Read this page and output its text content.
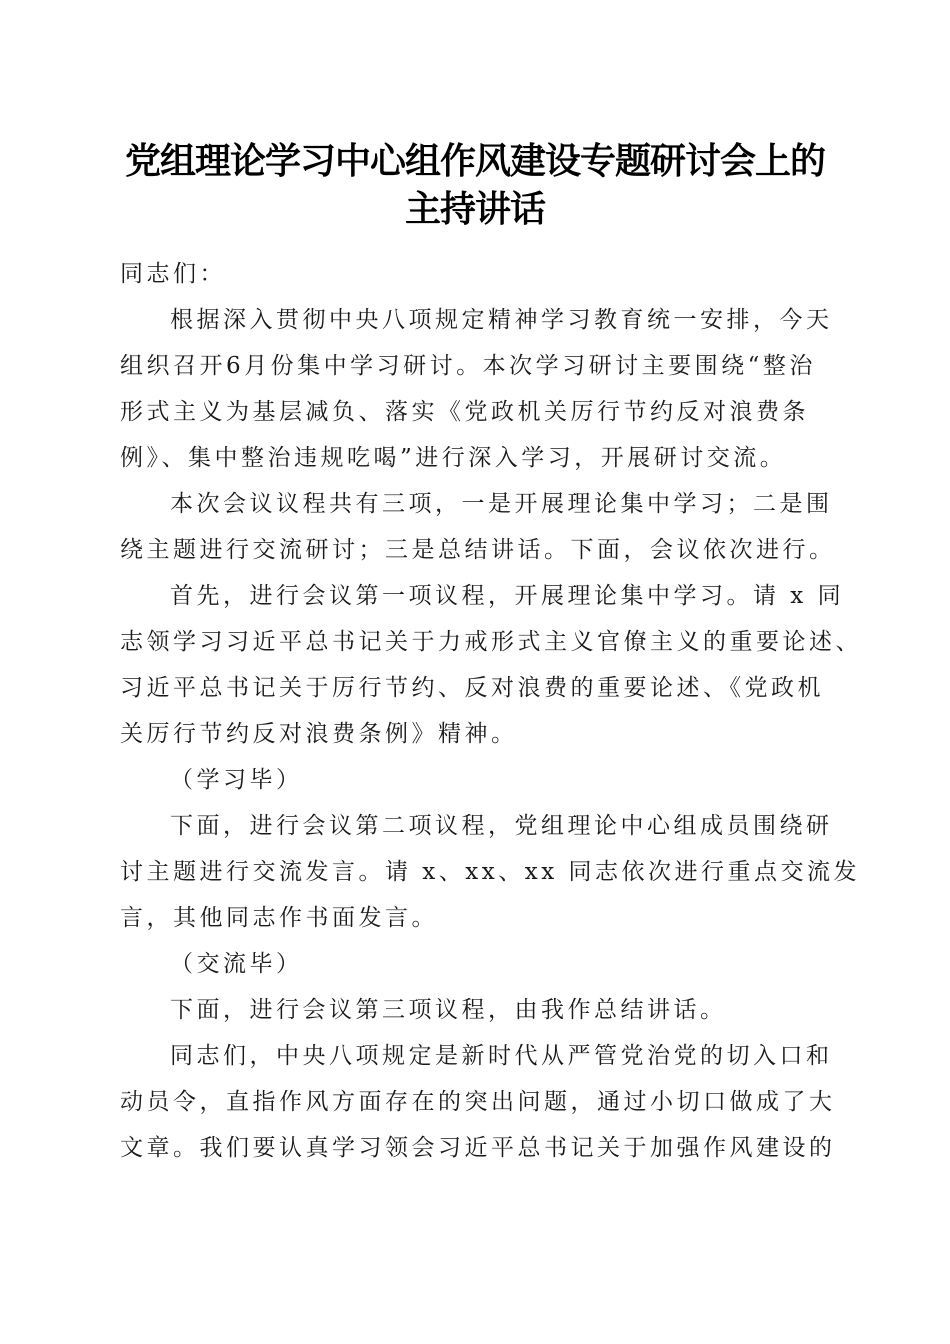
党组理论学习中心组作风建设专题研讨会上的
主持讲话
同志们：
根据深入贯彻中央八项规定精神学习教育统一安排，今天
组织召开6月份集中学习研讨。本次学习研讨主要围绕“整治
形式主义为基层减负、落实《党政机关厉行节约反对浪费条
例》、集中整治违规吃喝”进行深入学习，开展研讨交流。
本次会议议程共有三项，一是开展理论集中学习；二是围
绕主题进行交流研讨；三是总结讲话。下面，会议依次进行。
首先，进行会议第一项议程，开展理论集中学习。请 x 同
志领学习习近平总书记关于力戒形式主义官僚主义的重要论述、
习近平总书记关于厉行节约、反对浪费的重要论述、《党政机
关厉行节约反对浪费条例》精神。
（学习毕）
下面，进行会议第二项议程，党组理论中心组成员围绕研
讨主题进行交流发言。请 x、xx、xx 同志依次进行重点交流发
言，其他同志作书面发言。
（交流毕）
下面，进行会议第三项议程，由我作总结讲话。
同志们，中央八项规定是新时代从严管党治党的切入口和
动员令，直指作风方面存在的突出问题，通过小切口做成了大
文章。我们要认真学习领会习近平总书记关于加强作风建设的
